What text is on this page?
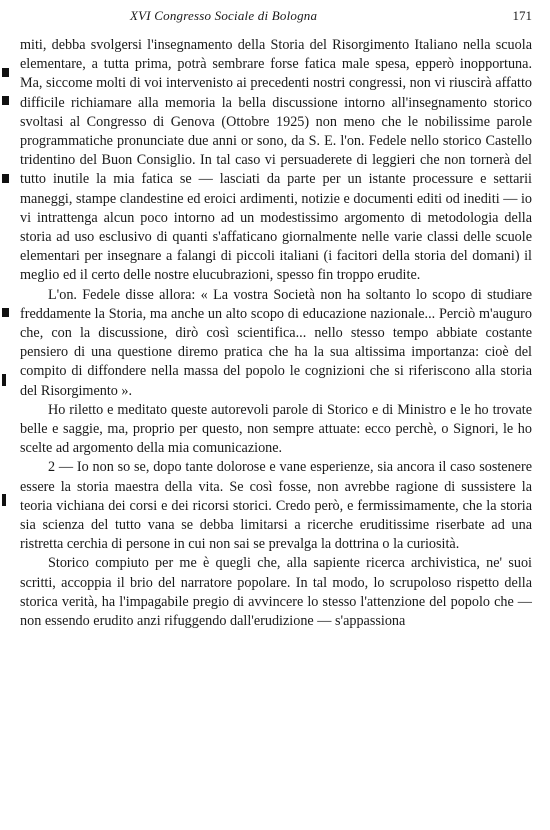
XVI Congresso Sociale di Bologna	171

miti, debba svolgersi l'insegnamento della Storia del Risorgimento Italiano nella scuola elementare, a tutta prima, potrà sembrare forse fatica male spesa, epperò inopportuna. Ma, siccome molti di voi intervenisto ai precedenti nostri congressi, non vi riuscirà affatto difficile richiamare alla memoria la bella discussione intorno all'insegnamento storico svoltasi al Congresso di Genova (Ottobre 1925) non meno che le nobilissime parole programmatiche pronunciate due anni or sono, da S. E. l'on. Fedele nello storico Castello tridentino del Buon Consiglio. In tal caso vi persuaderete di leggieri che non tornerà del tutto inutile la mia fatica se — lasciati da parte per un istante processure e settarii maneggi, stampe clandestine ed eroici ardimenti, notizie e documenti editi od inediti — io vi intrattenga alcun poco intorno ad un modestissimo argomento di metodologia della storia ad uso esclusivo di quanti s'affaticano giornalmente nelle varie classi delle scuole elementari per insegnare a falangi di piccoli italiani (i facitori della storia del domani) il meglio ed il certo delle nostre elucubrazioni, spesso fin troppo erudite.

L'on. Fedele disse allora: « La vostra Società non ha soltanto lo scopo di studiare freddamente la Storia, ma anche un alto scopo di educazione nazionale... Perciò m'auguro che, con la discussione, dirò così scientifica... nello stesso tempo abbiate costante pensiero di una questione diremo pratica che ha la sua altissima importanza: cioè del compito di diffondere nella massa del popolo le cognizioni che si riferiscono alla storia del Risorgimento ».

Ho riletto e meditato queste autorevoli parole di Storico e di Ministro e le ho trovate belle e saggie, ma, proprio per questo, non sempre attuate: ecco perchè, o Signori, le ho scelte ad argomento della mia comunicazione.

2 — Io non so se, dopo tante dolorose e vane esperienze, sia ancora il caso sostenere essere la storia maestra della vita. Se così fosse, non avrebbe ragione di sussistere la teoria vichiana dei corsi e dei ricorsi storici. Credo però, e fermissimamente, che la storia sia scienza del tutto vana se debba limitarsi a ricerche eruditissime riserbate ad una ristretta cerchia di persone in cui non sai se prevalga la dottrina o la curiosità.

Storico compiuto per me è quegli che, alla sapiente ricerca archivistica, ne' suoi scritti, accoppia il brio del narratore popolare. In tal modo, lo scrupoloso rispetto della storica verità, ha l'impagabile pregio di avvincere lo stesso l'attenzione del popolo che — non essendo erudito anzi rifuggendo dall'erudizione — s'appassiona
